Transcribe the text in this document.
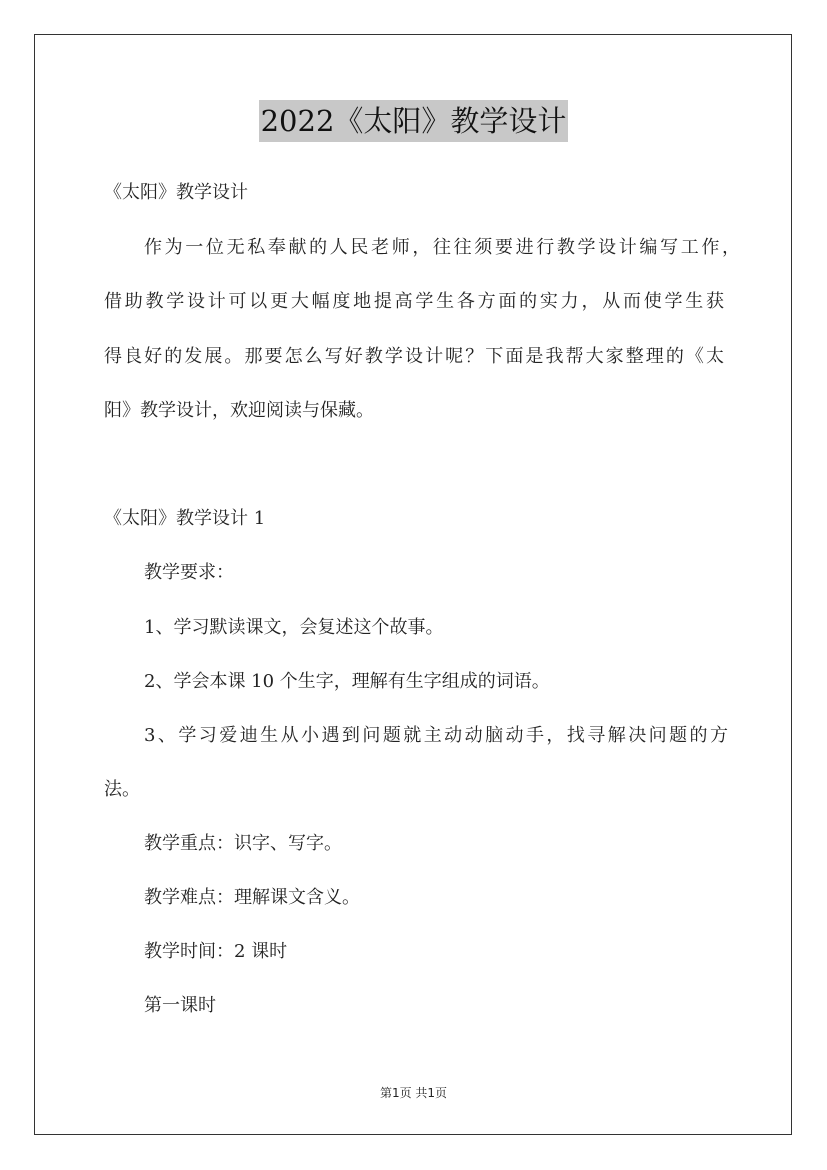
2022《太阳》教学设计
《太阳》教学设计
作为一位无私奉献的人民老师，往往须要进行教学设计编写工作，
借助教学设计可以更大幅度地提高学生各方面的实力，从而使学生获
得良好的发展。那要怎么写好教学设计呢？下面是我帮大家整理的《太
阳》教学设计，欢迎阅读与保藏。
《太阳》教学设计 1
教学要求：
1、学习默读课文，会复述这个故事。
2、学会本课 10 个生字，理解有生字组成的词语。
3、学习爱迪生从小遇到问题就主动动脑动手，找寻解决问题的方
法。
教学重点：识字、写字。
教学难点：理解课文含义。
教学时间：2 课时
第一课时
第1页 共1页
